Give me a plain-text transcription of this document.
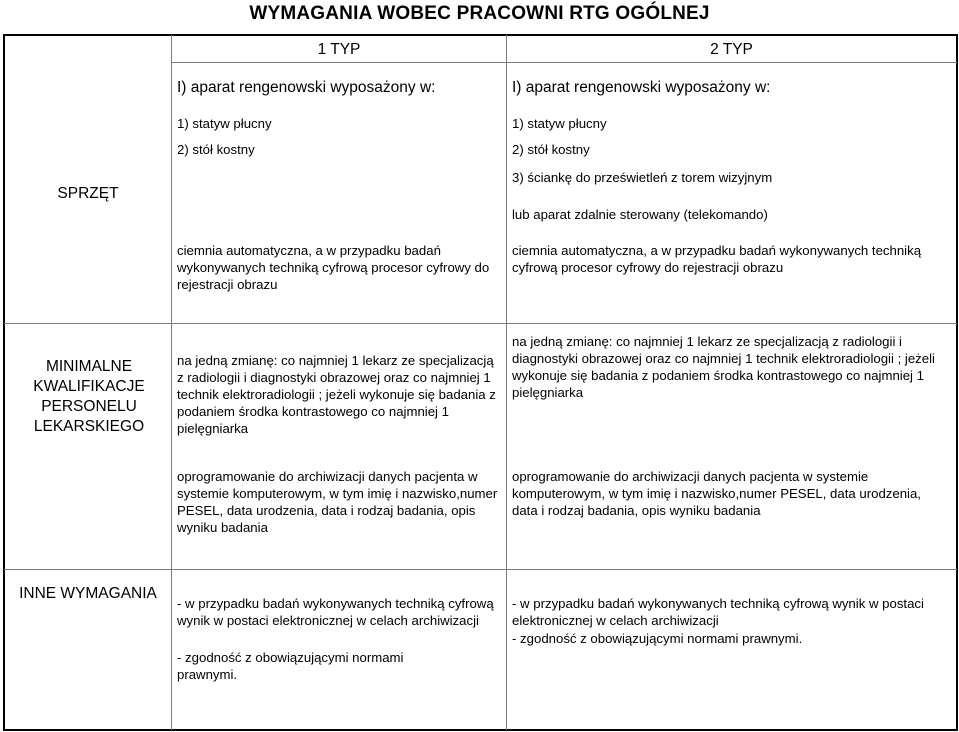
WYMAGANIA WOBEC PRACOWNI RTG OGÓLNEJ
1 TYP	2 TYP
SPRZĘT
MINIMALNE KWALIFIKACJE PERSONELU LEKARSKIEGO
INNE WYMAGANIA
I) aparat rengenowski wyposażony w:
1) statyw płucny
2) stół kostny
ciemnia automatyczna, a w przypadku badań wykonywanych techniką cyfrową procesor cyfrowy do rejestracji obrazu
I) aparat rengenowski wyposażony w:
1) statyw płucny
2) stół kostny
3) ściankę do prześwietleń z torem wizyjnym
lub aparat zdalnie sterowany (telekomando)
ciemnia automatyczna, a w przypadku badań wykonywanych techniką cyfrową procesor cyfrowy do rejestracji obrazu
na jedną zmianę: co najmniej 1 lekarz ze specjalizacją z radiologii i diagnostyki obrazowej oraz co najmniej 1 technik elektroradiologii ; jeżeli wykonuje się badania z podaniem środka kontrastowego co najmniej 1 pielęgniarka
na jedną zmianę: co najmniej 1 lekarz ze specjalizacją z radiologii i diagnostyki obrazowej oraz co najmniej 1 technik elektroradiologii ; jeżeli wykonuje się badania z podaniem środka kontrastowego co najmniej 1 pielęgniarka
oprogramowanie do archiwizacji danych pacjenta w systemie komputerowym, w tym imię i nazwisko,numer PESEL, data urodzenia, data i rodzaj badania, opis wyniku badania
oprogramowanie do archiwizacji danych pacjenta w systemie komputerowym, w tym imię i nazwisko,numer PESEL, data urodzenia, data i rodzaj badania, opis wyniku badania
- w przypadku badań wykonywanych techniką cyfrową wynik w postaci elektronicznej w celach archiwizacji
- zgodność z obowiązującymi normami prawnymi.
- w przypadku badań wykonywanych techniką cyfrową wynik w postaci elektronicznej w celach archiwizacji
- zgodność z obowiązującymi normami prawnymi.
